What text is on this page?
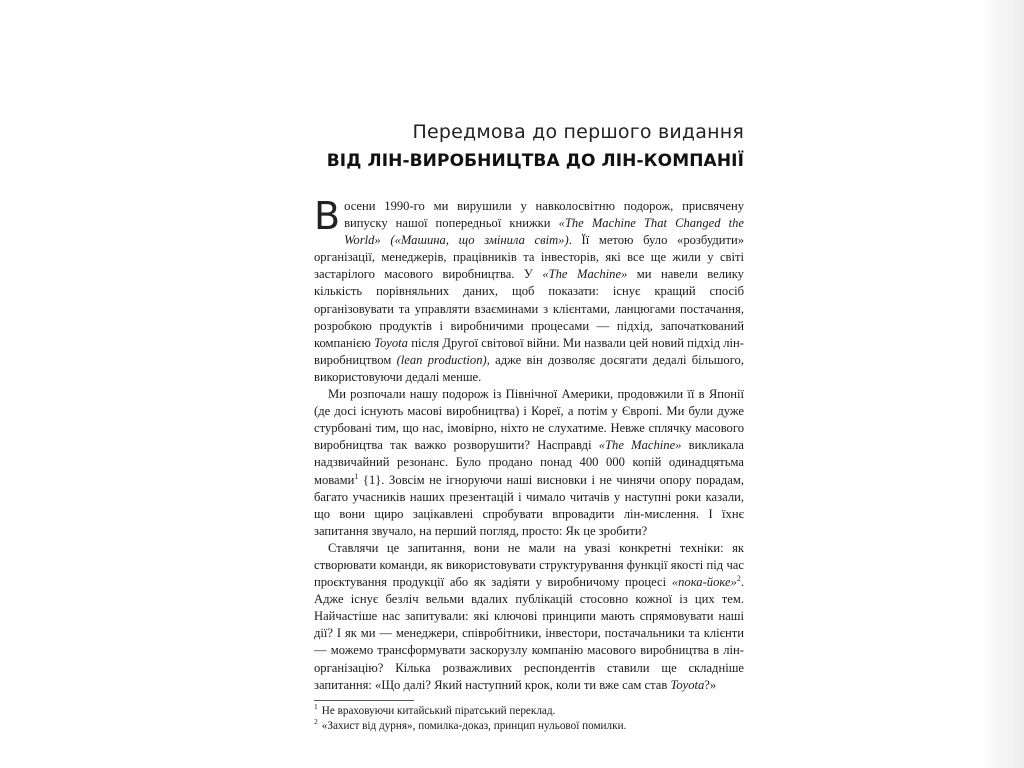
Передмова до першого видання
ВІД ЛІН-ВИРОБНИЦТВА ДО ЛІН-КОМПАНІЇ

Восени 1990-го ми вирушили у навколосвітню подорож, присвячену випуску нашої попередньої книжки «The Machine That Changed the World» («Машина, що змінила світ»). Її метою було «розбудити» організації, менеджерів, працівників та інвесторів, які все ще жили у світі застарілого масового виробництва. У «The Machine» ми навели велику кількість порівняльних даних, щоб показати: існує кращий спосіб організовувати та управляти взаєминами з клієнтами, ланцюгами постачання, розробкою продуктів і виробничими процесами — підхід, започаткований компанією Toyota після Другої світової війни. Ми назвали цей новий підхід лін-виробництвом (lean production), адже він дозволяє досягати дедалі більшого, використовуючи дедалі менше.

Ми розпочали нашу подорож із Північної Америки, продовжили її в Японії (де досі існують масові виробництва) і Кореї, а потім у Європі. Ми були дуже стурбовані тим, що нас, імовірно, ніхто не слухатиме. Невже сплячку масового виробництва так важко розворушити? Насправді «The Machine» викликала надзвичайний резонанс. Було продано понад 400 000 копій одинадцятьма мовами$^1$ {1}. Зовсім не ігноруючи наші висновки і не чинячи опору порадам, багато учасників наших презентацій і чимало читачів у наступні роки казали, що вони щиро зацікавлені спробувати впровадити лін-мислення. І їхнє запитання звучало, на перший погляд, просто: Як це зробити?

Ставлячи це запитання, вони не мали на увазі конкретні техніки: як створювати команди, як використовувати структурування функції якості під час проєктування продукції або як задіяти у виробничому процесі «пока-йоке»$^2$. Адже існує безліч вельми вдалих публікацій стосовно кожної із цих тем. Найчастіше нас запитували: які ключові принципи мають спрямовувати наші дії? І як ми — менеджери, співробітники, інвестори, постачальники та клієнти — можемо трансформувати заскорузлу компанію масового виробництва в лін-організацію? Кілька розважливих респондентів ставили ще складніше запитання: «Що далі? Який наступний крок, коли ти вже сам став Toyota?»

$^1$ Не враховуючи китайський піратський переклад.

$^2$ «Захист від дурня», помилка-доказ, принцип нульової помилки.
